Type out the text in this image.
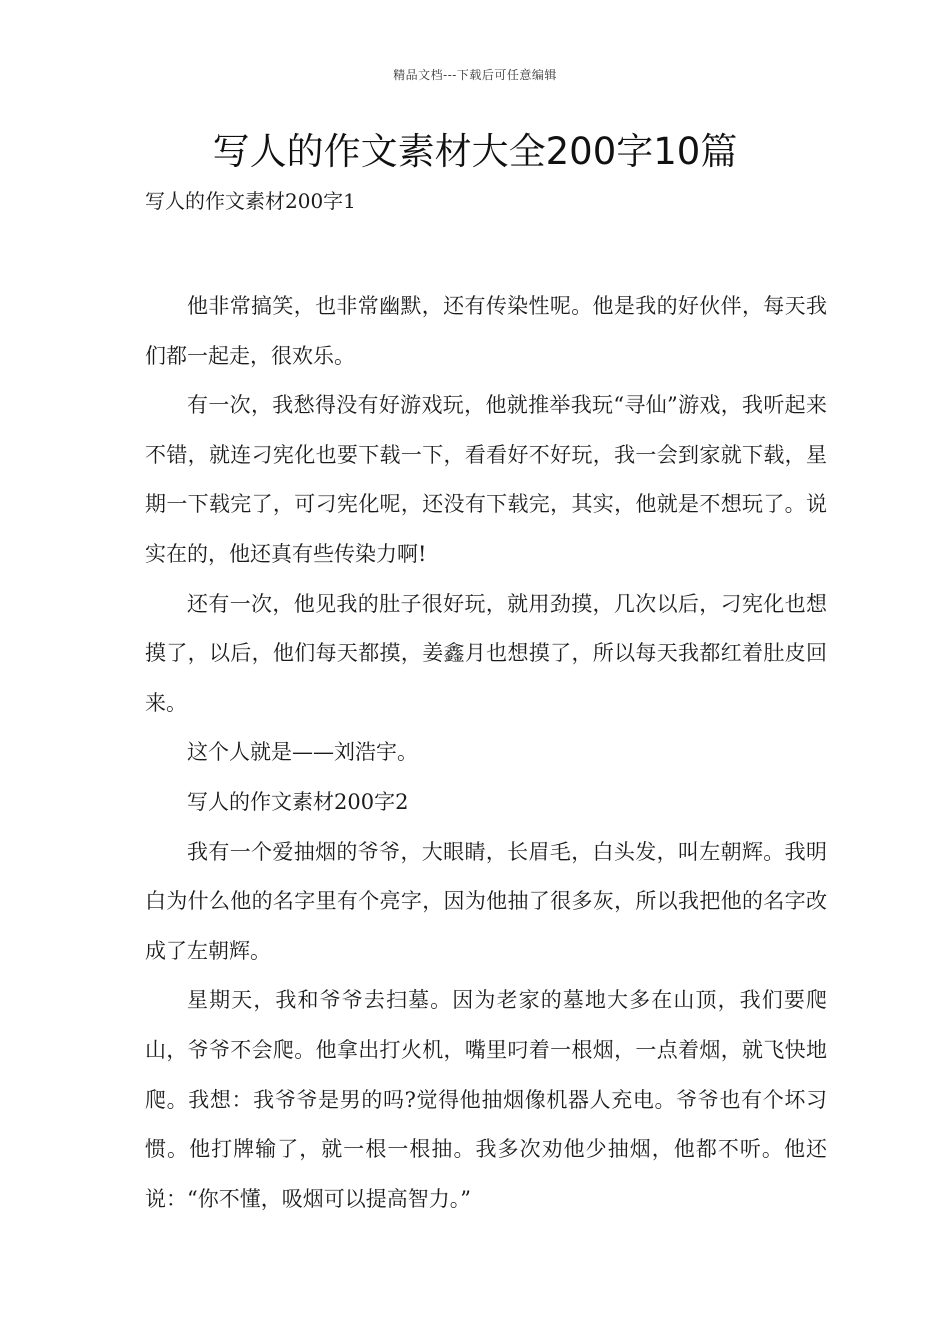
精品文档---下载后可任意编辑
写人的作文素材大全200字10篇
写人的作文素材200字1

他非常搞笑，也非常幽默，还有传染性呢。他是我的好伙伴，每天我们都一起走，很欢乐。

有一次，我愁得没有好游戏玩，他就推举我玩“寻仙”游戏，我听起来不错，就连刁宪化也要下载一下，看看好不好玩，我一会到家就下载，星期一下载完了，可刁宪化呢，还没有下载完，其实，他就是不想玩了。说实在的，他还真有些传染力啊!

还有一次，他见我的肚子很好玩，就用劲摸，几次以后，刁宪化也想摸了，以后，他们每天都摸，姜鑫月也想摸了，所以每天我都红着肚皮回来。

这个人就是——刘浩宇。

写人的作文素材200字2

我有一个爱抽烟的爷爷，大眼睛，长眉毛，白头发，叫左朝辉。我明白为什么他的名字里有个亮字，因为他抽了很多灰，所以我把他的名字改成了左朝辉。

星期天，我和爷爷去扫墓。因为老家的墓地大多在山顶，我们要爬山，爷爷不会爬。他拿出打火机，嘴里叼着一根烟，一点着烟，就飞快地爬。我想：我爷爷是男的吗?觉得他抽烟像机器人充电。爷爷也有个坏习惯。他打牌输了，就一根一根抽。我多次劝他少抽烟，他都不听。他还说：“你不懂，吸烟可以提高智力。”
